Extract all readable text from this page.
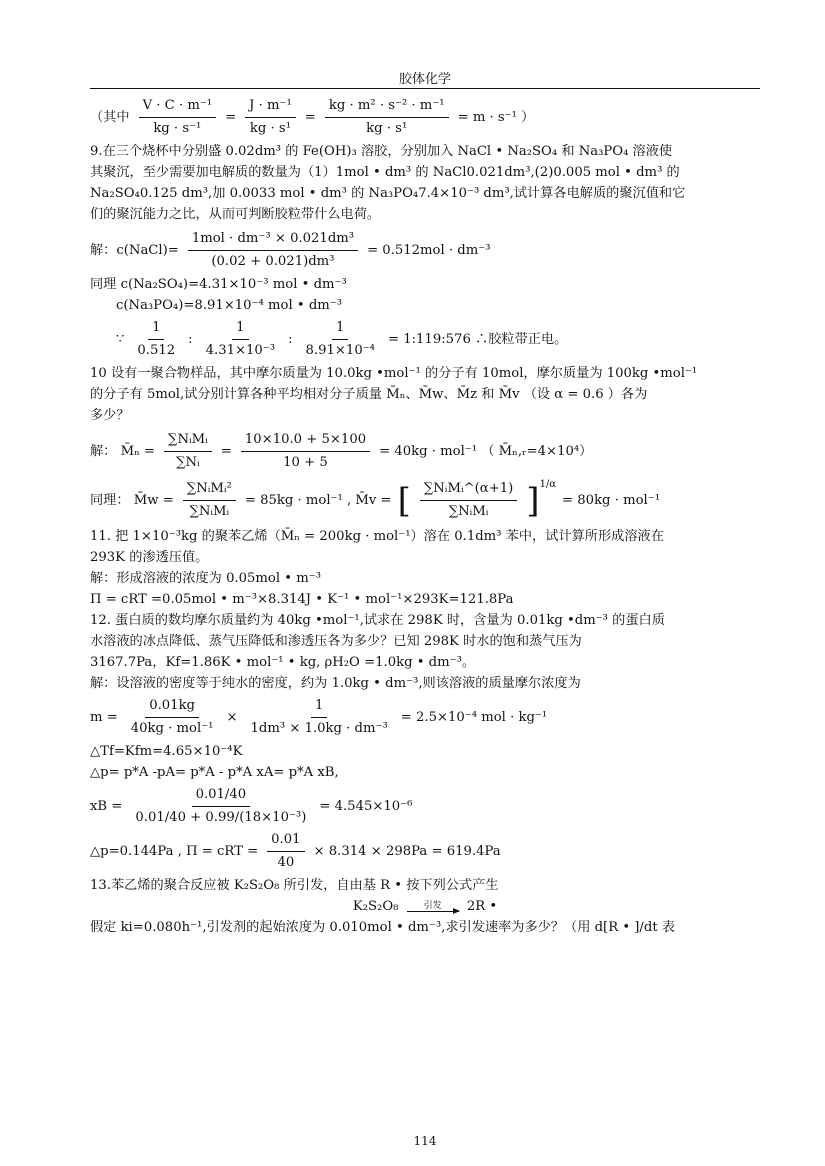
胶体化学
（其中 $\frac{\text{V · C · m⁻¹}}{\text{kg · s⁻¹}} = \frac{\text{J · m⁻¹}}{\text{kg · s¹}} = \frac{\text{kg · m² · s⁻² · m⁻¹}}{\text{kg · s¹}} = m \cdot s^{-1}$ ）
9.在三个烧杯中分别盛 0.02dm³ 的 Fe(OH)₃ 溶胶，分别加入 NaCl • Na₂SO₄ 和 Na₃PO₄ 溶液使
其聚沉，至少需要加电解质的数量为（1）1mol • dm³ 的 NaCl0.021dm³,(2)0.005 mol • dm³ 的
Na₂SO₄0.125 dm³,加 0.0033 mol • dm³ 的 Na₃PO₄7.4×10⁻³ dm³,试计算各电解质的聚沉值和它
们的聚沉能力之比，从而可判断胶粒带什么电荷。
解：c(NaCl)= $\frac{\text{1mol · dm⁻³ × 0.021dm³}}{\text{(0.02 + 0.021)dm³}} = 0.512mol \cdot dm^{-3}$
同理 c(Na₂SO₄)=4.31×10⁻³ mol • dm⁻³
c(Na₃PO₄)=8.91×10⁻⁴ mol • dm⁻³
∵ $\frac{1}{0.512}$ : $\frac{1}{\text{4.31×10⁻³}}$ : $\frac{1}{\text{8.91×10⁻⁴}}$ = 1:119:576 ∴胶粒带正电。
10 设有一聚合物样品，其中摩尔质量为 10.0kg •mol⁻¹ 的分子有 10mol，摩尔质量为 100kg •mol⁻¹
的分子有 5mol,试分别计算各种平均相对分子质量 M̄ₙ、M̄w、M̄z 和 M̄v （设 α = 0.6 ）各为
多少？
解： M̄ₙ = $\frac{\text{∑NᵢMᵢ}}{\text{∑Nᵢ}} = \frac{10\times 10.0 + 5\times 100}{10 + 5} = 40kg \cdot mol^{-1}$ （ M̄ₙ,ᵣ=4×10⁴）
同理： M̄w = $\frac{\text{∑NᵢMᵢ²}}{\text{∑NᵢMᵢ}} = 85kg \cdot mol^{-1}$ , M̄v = [ $\frac{\text{∑NᵢMᵢ\textasciicircum{}(α+1)}}{\text{∑NᵢMᵢ}}$ ] 1/α
= 80kg · mol⁻¹
11. 把 1×10⁻³kg 的聚苯乙烯（M̄ₙ = 200kg · mol⁻¹）溶在 0.1dm³ 苯中，试计算所形成溶液在
293K 的渗透压值。
解：形成溶液的浓度为 0.05mol • m⁻³
Π = cRT =0.05mol • m⁻³×8.314J • K⁻¹ • mol⁻¹×293K=121.8Pa
12. 蛋白质的数均摩尔质量约为 40kg •mol⁻¹,试求在 298K 时，含量为 0.01kg •dm⁻³ 的蛋白质
水溶液的冰点降低、蒸气压降低和渗透压各为多少？已知 298K 时水的饱和蒸气压为
3167.7Pa，Kf=1.86K • mol⁻¹ • kg, ρH₂O =1.0kg • dm⁻³。
解：设溶液的密度等于纯水的密度，约为 1.0kg • dm⁻³,则该溶液的质量摩尔浓度为
$m = \frac{0.01kg}{\text{40kg · mol⁻¹}} \times \frac{1}{\text{1dm³ × 1.0kg · dm⁻³}} = 2.5\times 10^{-4}$ mol · kg⁻¹
△Tf=Kfm=4.65×10⁻⁴K
△p= p*A -pA= p*A - p*A xA= p*A xB,
xB = $\frac{0.01/40}{\text{0.01/40 + 0.99/(18×10⁻³)}} = 4.545\times 10^{-6}$
△p=0.144Pa , Π = cRT = $\frac{0.01}{40} \times 8.314 \times 298Pa = 619.4Pa$
13.苯乙烯的聚合反应被 K₂S₂O₈ 所引发，自由基 R • 按下列公式产生
K₂S₂O₈	引发 2R •
假定 ki=0.080h⁻¹,引发剂的起始浓度为 0.010mol • dm⁻³,求引发速率为多少？（用 d[R • ]/dt 表
114
